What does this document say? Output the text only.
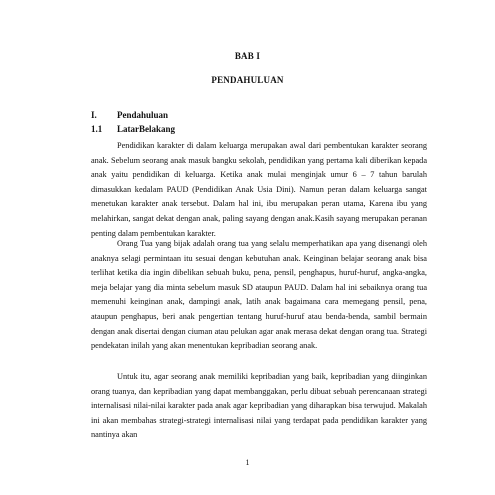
BAB I
PENDAHULUAN
I. Pendahuluan
1.1 LatarBelakang

Pendidikan karakter di dalam keluarga merupakan awal dari pembentukan karakter seorang anak. Sebelum seorang anak masuk bangku sekolah, pendidikan yang pertama kali diberikan kepada anak yaitu pendidikan di keluarga. Ketika anak mulai menginjak umur 6 – 7 tahun barulah dimasukkan kedalam PAUD (Pendidikan Anak Usia Dini). Namun peran dalam keluarga sangat menetukan karakter anak tersebut. Dalam hal ini, ibu merupakan peran utama, Karena ibu yang melahirkan, sangat dekat dengan anak, paling sayang dengan anak.Kasih sayang merupakan peranan penting dalam pembentukan karakter.

Orang Tua yang bijak adalah orang tua yang selalu memperhatikan apa yang disenangi oleh anaknya selagi permintaan itu sesuai dengan kebutuhan anak. Keinginan belajar seorang anak bisa terlihat ketika dia ingin dibelikan sebuah buku, pena, pensil, penghapus, huruf-huruf, angka-angka, meja belajar yang dia minta sebelum masuk SD ataupun PAUD. Dalam hal ini sebaiknya orang tua memenuhi keinginan anak, dampingi anak, latih anak bagaimana cara memegang pensil, pena, ataupun penghapus, beri anak pengertian tentang huruf-huruf atau benda-benda, sambil bermain dengan anak disertai dengan ciuman atau pelukan agar anak merasa dekat dengan orang tua. Strategi pendekatan inilah yang akan menentukan kepribadian seorang anak.

Untuk itu, agar seorang anak memiliki kepribadian yang baik, kepribadian yang diinginkan orang tuanya, dan kepribadian yang dapat membanggakan, perlu dibuat sebuah perencanaan strategi internalisasi nilai-nilai karakter pada anak agar kepribadian yang diharapkan bisa terwujud. Makalah ini akan membahas strategi-strategi internalisasi nilai yang terdapat pada pendidikan karakter yang nantinya akan

1
